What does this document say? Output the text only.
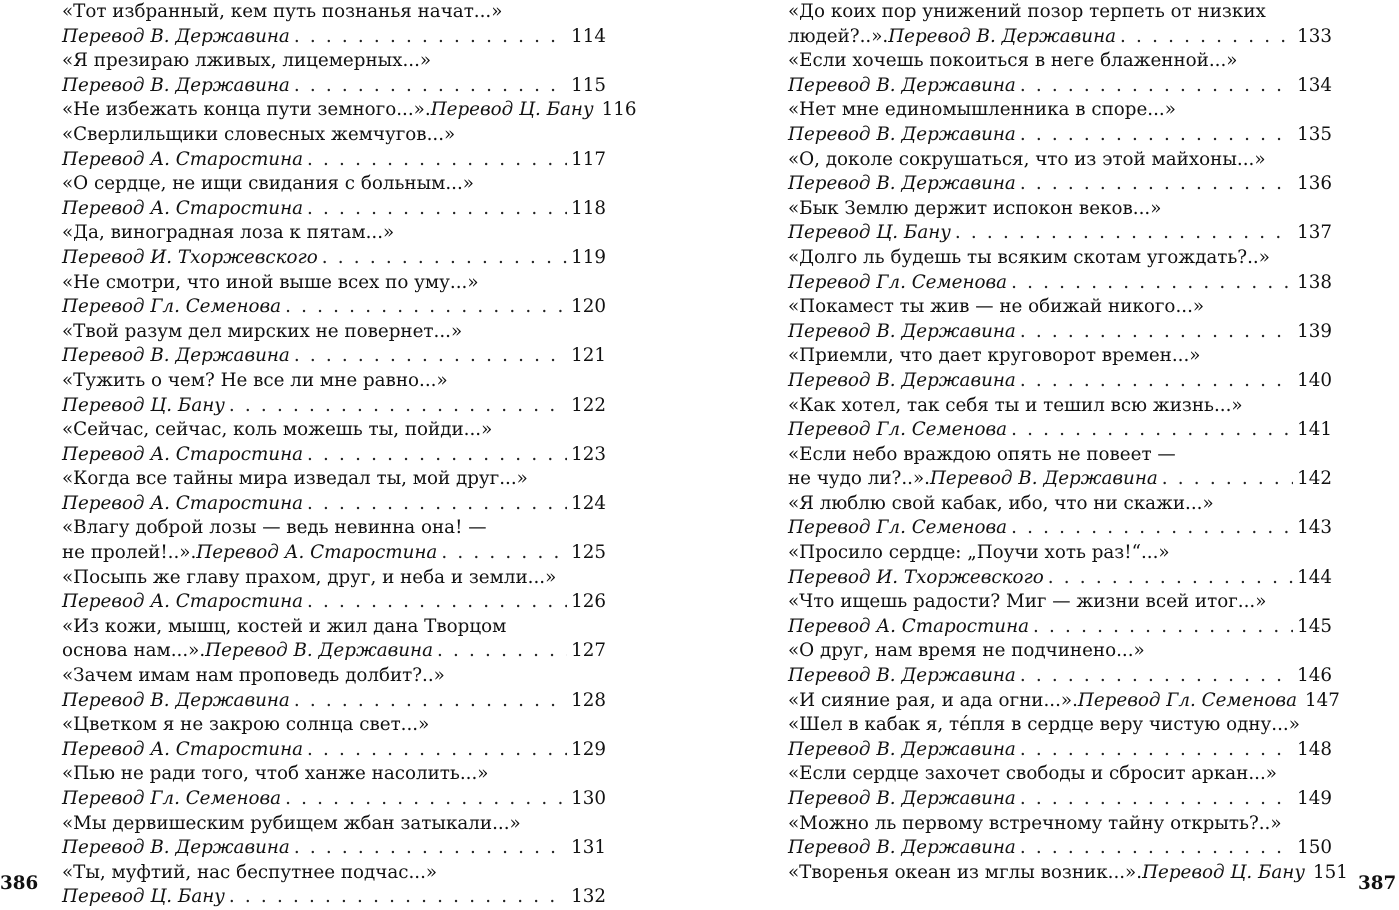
«Тот избранный, кем путь познанья начат...»
Перевод В. Державина . . .	114
«Я презираю лживых, лицемерных...»
Перевод В. Державина . . .	115
«Не избежать конца пути земного...». Перевод Ц. Бану 116
«Сверлильщики словесных жемчугов...»
Перевод А. Старостина . . .	117
«О сердце, не ищи свидания с больным...»
Перевод А. Старостина . . .	118
«Да, виноградная лоза к пятам...»
Перевод И. Тхоржевского . . .	119
«Не смотри, что иной выше всех по уму...»
Перевод Гл. Семенова . . .	120
«Твой разум дел мирских не повернет...»
Перевод В. Державина . . .	121
«Тужить о чем? Не все ли мне равно...»
Перевод Ц. Бану . . .	122
«Сейчас, сейчас, коль можешь ты, пойди...»
Перевод А. Старостина . . .	123
«Когда все тайны мира изведал ты, мой друг...»
Перевод А. Старостина . . .	124
«Влагу доброй лозы — ведь невинна она! —
не пролей!..». Перевод А. Старостина . . .	125
«Посыпь же главу прахом, друг, и неба и земли...»
Перевод А. Старостина . . .	126
«Из кожи, мышц, костей и жил дана Творцом
основа нам...». Перевод В. Державина . . .	127
«Зачем имам нам проповедь долбит?..»
Перевод В. Державина . . .	128
«Цветком я не закрою солнца свет...»
Перевод А. Старостина . . .	129
«Пью не ради того, чтоб ханже насолить...»
Перевод Гл. Семенова . . .	130
«Мы дервишеским рубищем жбан затыкали...»
Перевод В. Державина . . .	131
«Ты, муфтий, нас беспутнее подчас...»
Перевод Ц. Бану . . .	132
«До коих пор унижений позор терпеть от низких
людей?..». Перевод В. Державина . . .	133
«Если хочешь покоиться в неге блаженной...»
Перевод В. Державина . . .	134
«Нет мне единомышленника в споре...»
Перевод В. Державина . . .	135
«О, доколе сокрушаться, что из этой майхоны...»
Перевод В. Державина . . .	136
«Бык Землю держит испокон веков...»
Перевод Ц. Бану . . .	137
«Долго ль будешь ты всяким скотам угождать?..»
Перевод Гл. Семенова . . .	138
«Покамест ты жив — не обижай никого...»
Перевод В. Державина . . .	139
«Приемли, что дает круговорот времен...»
Перевод В. Державина . . .	140
«Как хотел, так себя ты и тешил всю жизнь...»
Перевод Гл. Семенова . . .	141
«Если небо враждою опять не повеет —
не чудо ли?..». Перевод В. Державина . . .	142
«Я люблю свой кабак, ибо, что ни скажи...»
Перевод Гл. Семенова . . .	143
«Просило сердце: „Поучи хоть раз!“...»
Перевод И. Тхоржевского . . .	144
«Что ищешь радости? Миг — жизни всей итог...»
Перевод А. Старостина . . .	145
«О друг, нам время не подчинено...»
Перевод В. Державина . . .	146
«И сияние рая, и ада огни...». Перевод Гл. Семенова 147
«Шел в кабак я, тéпля в сердце веру чистую одну...»
Перевод В. Державина . . .	148
«Если сердце захочет свободы и сбросит аркан...»
Перевод В. Державина . . .	149
«Можно ль первому встречному тайну открыть?..»
Перевод В. Державина . . .	150
«Творенья океан из мглы возник...». Перевод Ц. Бану 151
386	387
